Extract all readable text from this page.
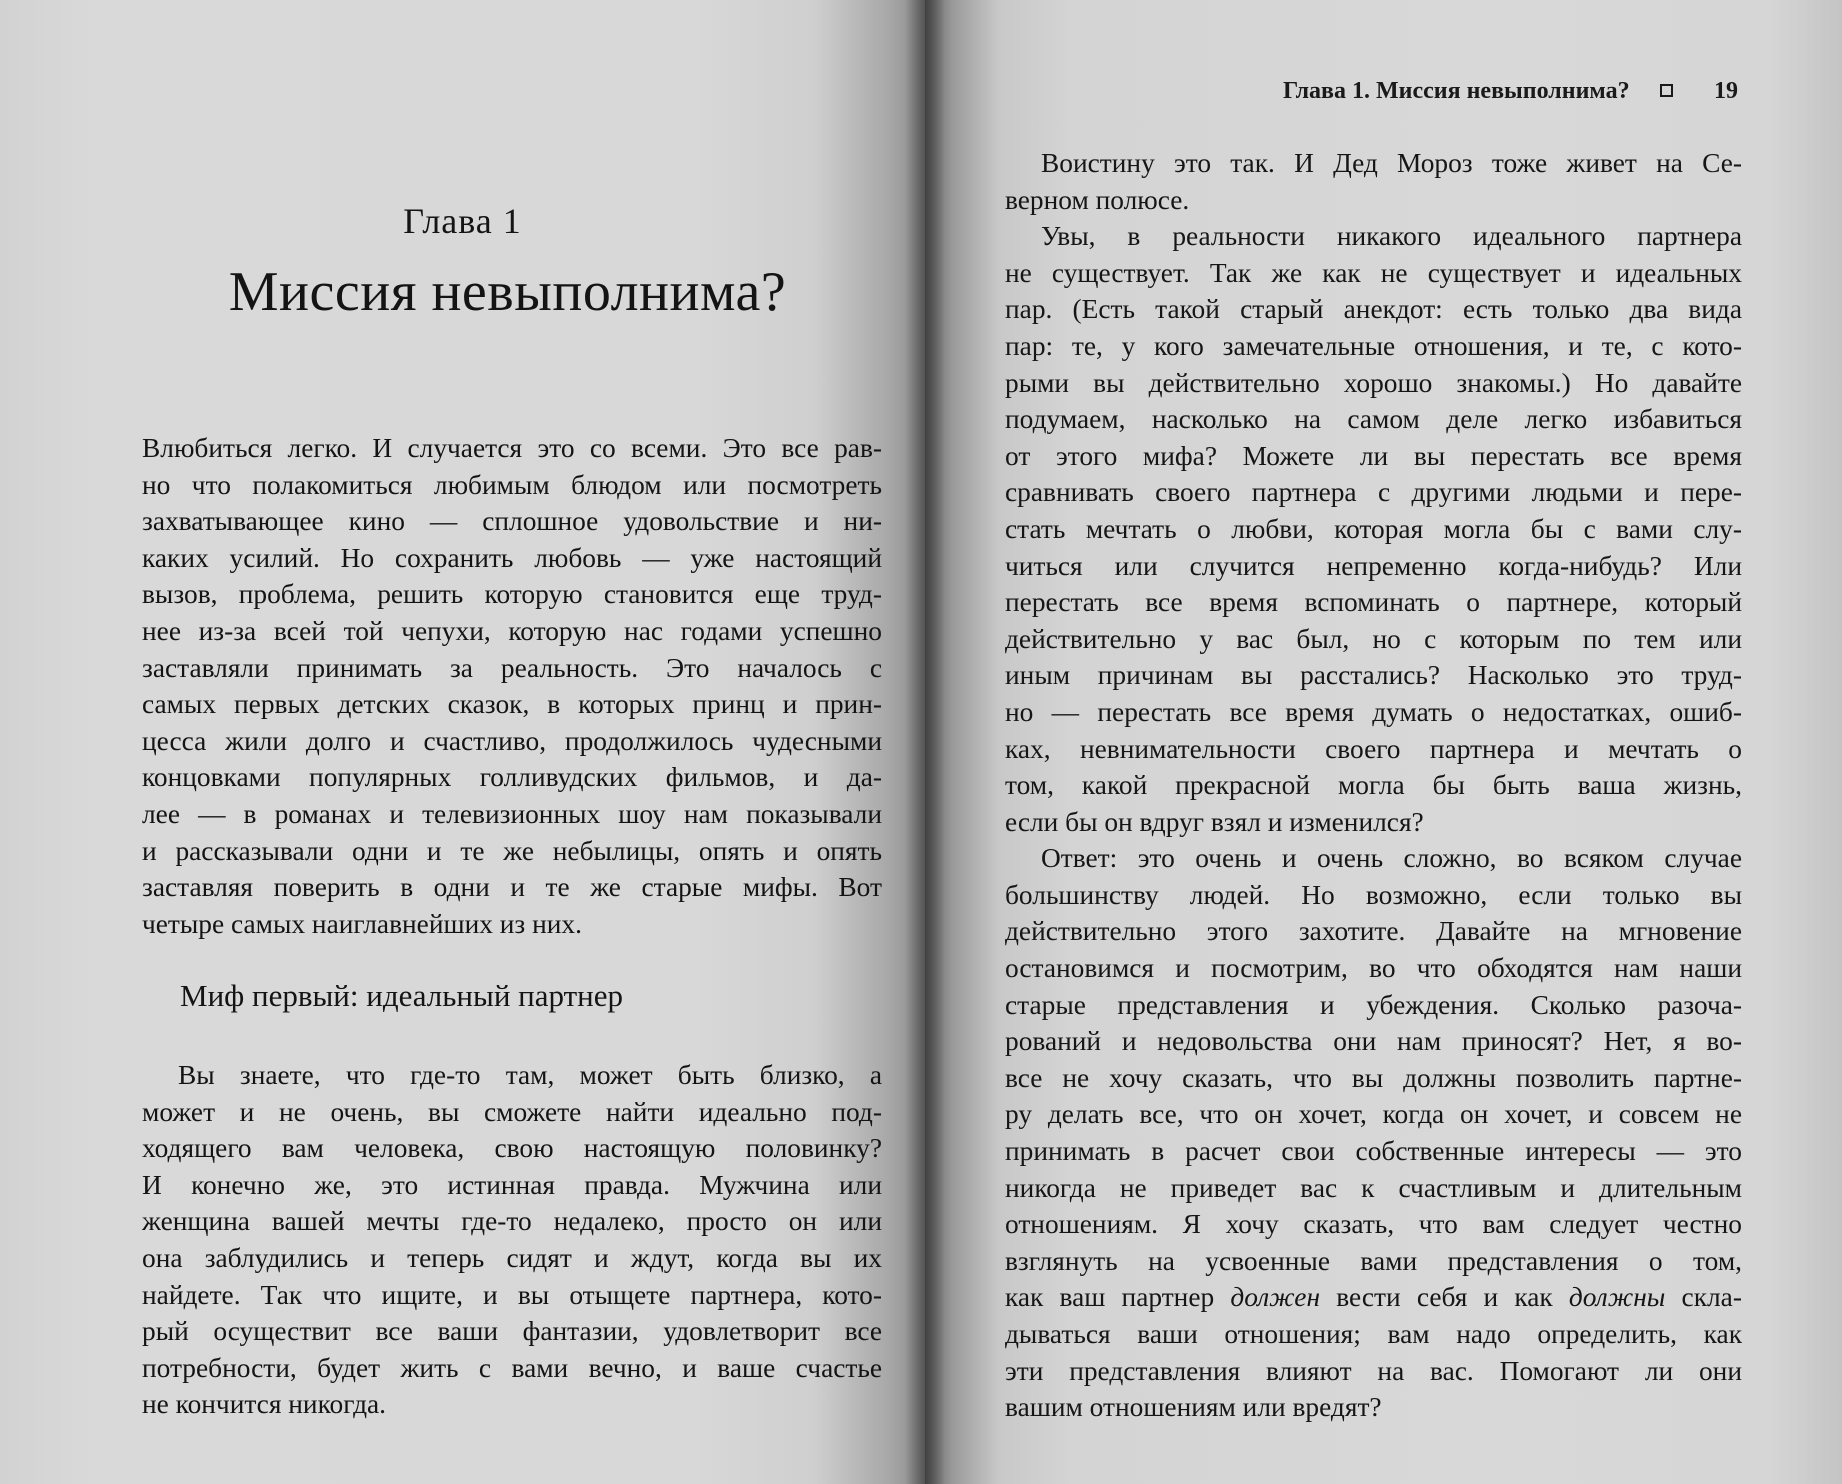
Глава 1
Миссия невыполнима?
Влюбиться легко. И случается это со всеми. Это все рав-
но что полакомиться любимым блюдом или посмотреть
захватывающее кино — сплошное удовольствие и ни-
каких усилий. Но сохранить любовь — уже настоящий
вызов, проблема, решить которую становится еще труд-
нее из-за всей той чепухи, которую нас годами успешно
заставляли принимать за реальность. Это началось с
самых первых детских сказок, в которых принц и прин-
цесса жили долго и счастливо, продолжилось чудесными
концовками популярных голливудских фильмов, и да-
лее — в романах и телевизионных шоу нам показывали
и рассказывали одни и те же небылицы, опять и опять
заставляя поверить в одни и те же старые мифы. Вот
четыре самых наиглавнейших из них.
Миф первый: идеальный партнер
Вы знаете, что где-то там, может быть близко, а
может и не очень, вы сможете найти идеально под-
ходящего вам человека, свою настоящую половинку?
И конечно же, это истинная правда. Мужчина или
женщина вашей мечты где-то недалеко, просто он или
она заблудились и теперь сидят и ждут, когда вы их
найдете. Так что ищите, и вы отыщете партнера, кото-
рый осуществит все ваши фантазии, удовлетворит все
потребности, будет жить с вами вечно, и ваше счастье
не кончится никогда.
Глава 1. Миссия невыполнима?	19
Воистину это так. И Дед Мороз тоже живет на Се-
верном полюсе.
Увы, в реальности никакого идеального партнера
не существует. Так же как не существует и идеальных
пар. (Есть такой старый анекдот: есть только два вида
пар: те, у кого замечательные отношения, и те, с кото-
рыми вы действительно хорошо знакомы.) Но давайте
подумаем, насколько на самом деле легко избавиться
от этого мифа? Можете ли вы перестать все время
сравнивать своего партнера с другими людьми и пере-
стать мечтать о любви, которая могла бы с вами слу-
читься или случится непременно когда-нибудь? Или
перестать все время вспоминать о партнере, который
действительно у вас был, но с которым по тем или
иным причинам вы расстались? Насколько это труд-
но — перестать все время думать о недостатках, ошиб-
ках, невнимательности своего партнера и мечтать о
том, какой прекрасной могла бы быть ваша жизнь,
если бы он вдруг взял и изменился?
Ответ: это очень и очень сложно, во всяком случае
большинству людей. Но возможно, если только вы
действительно этого захотите. Давайте на мгновение
остановимся и посмотрим, во что обходятся нам наши
старые представления и убеждения. Сколько разоча-
рований и недовольства они нам приносят? Нет, я во-
все не хочу сказать, что вы должны позволить партне-
ру делать все, что он хочет, когда он хочет, и совсем не
принимать в расчет свои собственные интересы — это
никогда не приведет вас к счастливым и длительным
отношениям. Я хочу сказать, что вам следует честно
взглянуть на усвоенные вами представления о том,
как ваш партнер должен вести себя и как должны скла-
дываться ваши отношения; вам надо определить, как
эти представления влияют на вас. Помогают ли они
вашим отношениям или вредят?
